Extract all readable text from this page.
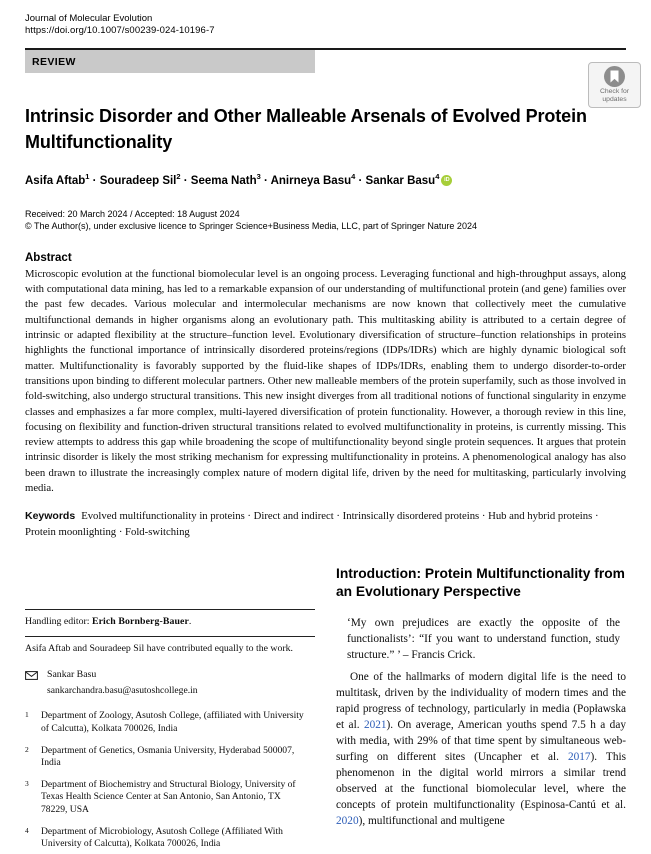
Journal of Molecular Evolution
https://doi.org/10.1007/s00239-024-10196-7
REVIEW
Check for
updates
Intrinsic Disorder and Other Malleable Arsenals of Evolved Protein Multifunctionality
Asifa Aftab$^1$ · Souradeep Sil$^2$ · Seema Nath$^3$ · Anirneya Basu$^4$ · Sankar Basu$^4$ iD
Received: 20 March 2024 / Accepted: 18 August 2024
© The Author(s), under exclusive licence to Springer Science+Business Media, LLC, part of Springer Nature 2024
Abstract

Microscopic evolution at the functional biomolecular level is an ongoing process. Leveraging functional and high-throughput assays, along with computational data mining, has led to a remarkable expansion of our understanding of multifunctional protein (and gene) families over the past few decades. Various molecular and intermolecular mechanisms are now known that collectively meet the cumulative multifunctional demands in higher organisms along an evolutionary path. This multitasking ability is attributed to a certain degree of intrinsic or adapted flexibility at the structure–function level. Evolutionary diversification of structure–function relationships in proteins highlights the functional importance of intrinsically disordered proteins/regions (IDPs/IDRs) which are highly dynamic biological soft matter. Multifunctionality is favorably supported by the fluid-like shapes of IDPs/IDRs, enabling them to undergo disorder-to-order transitions upon binding to different molecular partners. Other new malleable members of the protein superfamily, such as those involved in fold-switching, also undergo structural transitions. This new insight diverges from all traditional notions of functional singularity in enzyme classes and emphasizes a far more complex, multi-layered diversification of protein functionality. However, a thorough review in this line, focusing on flexibility and function-driven structural transitions related to evolved multifunctionality in proteins, is currently missing. This review attempts to address this gap while broadening the scope of multifunctionality beyond single protein sequences. It argues that protein intrinsic disorder is likely the most striking mechanism for expressing multifunctionality in proteins. A phenomenological analogy has also been drawn to illustrate the increasingly complex nature of modern digital life, driven by the need for multitasking, particularly involving media.

Keywords Evolved multifunctionality in proteins · Direct and indirect · Intrinsically disordered proteins · Hub and hybrid proteins · Protein moonlighting · Fold-switching

Handling editor: Erich Bornberg-Bauer.
Asifa Aftab and Souradeep Sil have contributed equally to the work.
Sankar Basu
sankarchandra.basu@asutoshcollege.in
1	Department of Zoology, Asutosh College, (affiliated with University of Calcutta), Kolkata 700026, India
2	Department of Genetics, Osmania University, Hyderabad 500007, India
3	Department of Biochemistry and Structural Biology, University of Texas Health Science Center at San Antonio, San Antonio, TX 78229, USA
4	Department of Microbiology, Asutosh College (Affiliated With University of Calcutta), Kolkata 700026, India
Introduction: Protein Multifunctionality from an Evolutionary Perspective

‘My own prejudices are exactly the opposite of the functionalists’: “If you want to understand function, study structure.” ’ – Francis Crick.

One of the hallmarks of modern digital life is the need to multitask, driven by the individuality of modern times and the rapid progress of technology, particularly in media (Popławska et al. 2021). On average, American youths spend 7.5 h a day with media, with 29% of that time spent by simultaneous web-surfing on different sites (Uncapher et al. 2017). This phenomenon in the digital world mirrors a similar trend observed at the functional biomolecular level, where the concepts of protein multifunctionality (Espinosa-Cantú et al. 2020), multifunctional and multigene
